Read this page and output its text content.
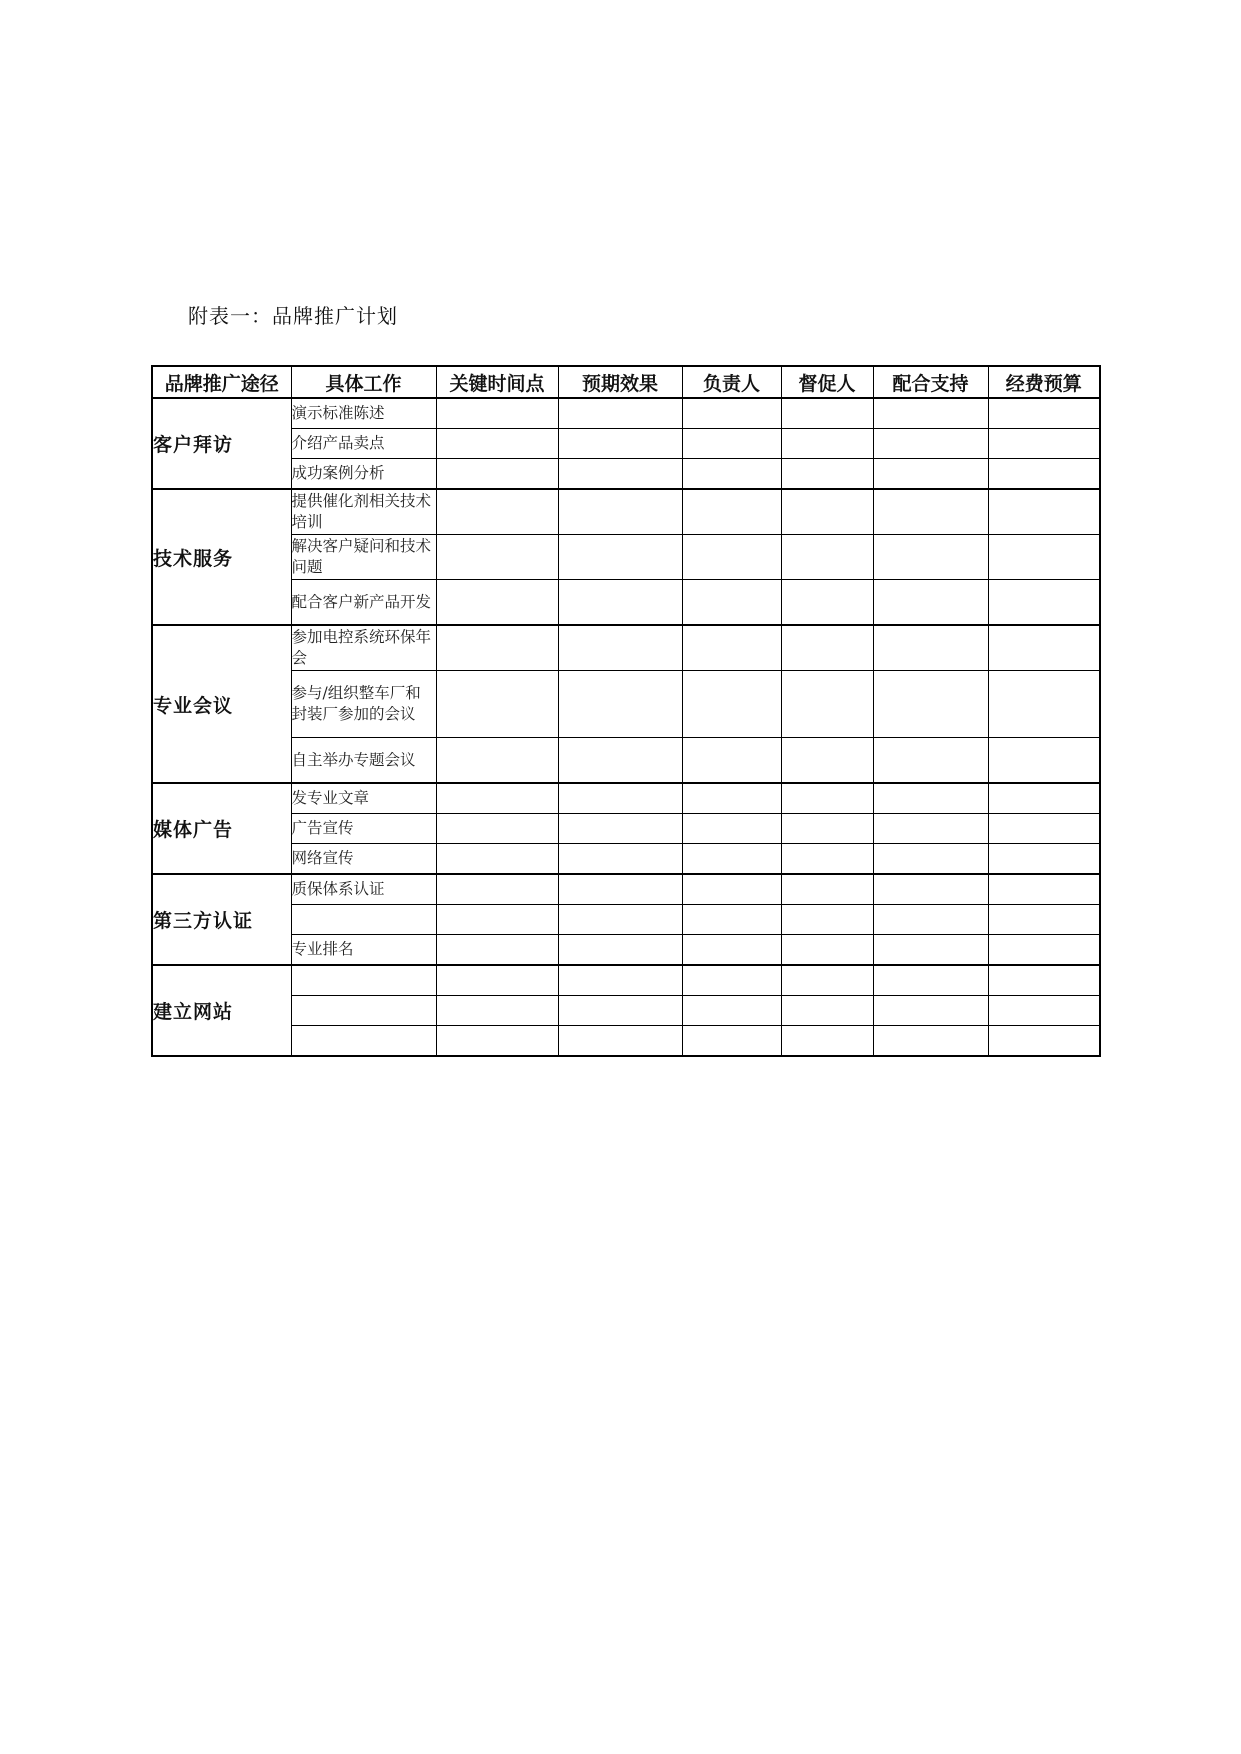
附表一：品牌推广计划
品牌推广途径	具体工作	关键时间点	预期效果	负责人	督促人	配合支持	经费预算
客户拜访	演示标准陈述						

	介绍产品卖点						

	成功案例分析						

技术服务	提供催化剂相关技术培训						

	解决客户疑问和技术问题						

	配合客户新产品开发						

专业会议	参加电控系统环保年会						

	参与/组织整车厂和封装厂参加的会议						

	自主举办专题会议						

媒体广告	发专业文章						

	广告宣传						

	网络宣传						

第三方认证	质保体系认证						

	专业排名						

建立网站	
